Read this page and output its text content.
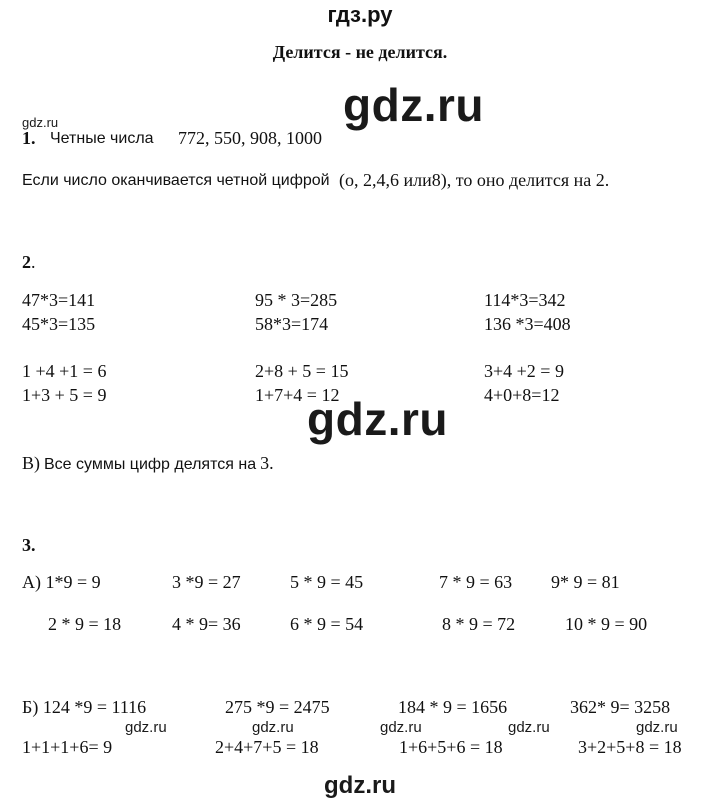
гдз.ру
Делится - не делится.
gdz.ru
gdz.ru
gdz.ru
gdz.ru	gdz.ru	gdz.ru	gdz.ru	gdz.ru
gdz.ru
1. Четные числа 772, 550, 908, 1000
Если число оканчивается четной цифрой (о, 2,4,6 или8), то оно делится на 2.
2.
47*3=141	95 * 3=285	114*3=342
45*3=135	58*3=174	136 *3=408
1 +4 +1 = 6	2+8 + 5 = 15	3+4 +2 = 9
1+3 + 5 = 9	1+7+4 = 12	4+0+8=12
В) Все суммы цифр делятся на 3.
3.
А) 1*9 = 9	3 *9 = 27	5 * 9 = 45	7 * 9 = 63 9* 9 = 81
2 * 9 = 18	4 * 9= 36	6 * 9 = 54	8 * 9 = 72	10 * 9 = 90
Б) 124 *9 = 1116	275 *9 = 2475	184 * 9 = 1656	362* 9= 3258
1+1+1+6= 9	2+4+7+5 = 18	1+6+5+6 = 18	3+2+5+8 = 18
